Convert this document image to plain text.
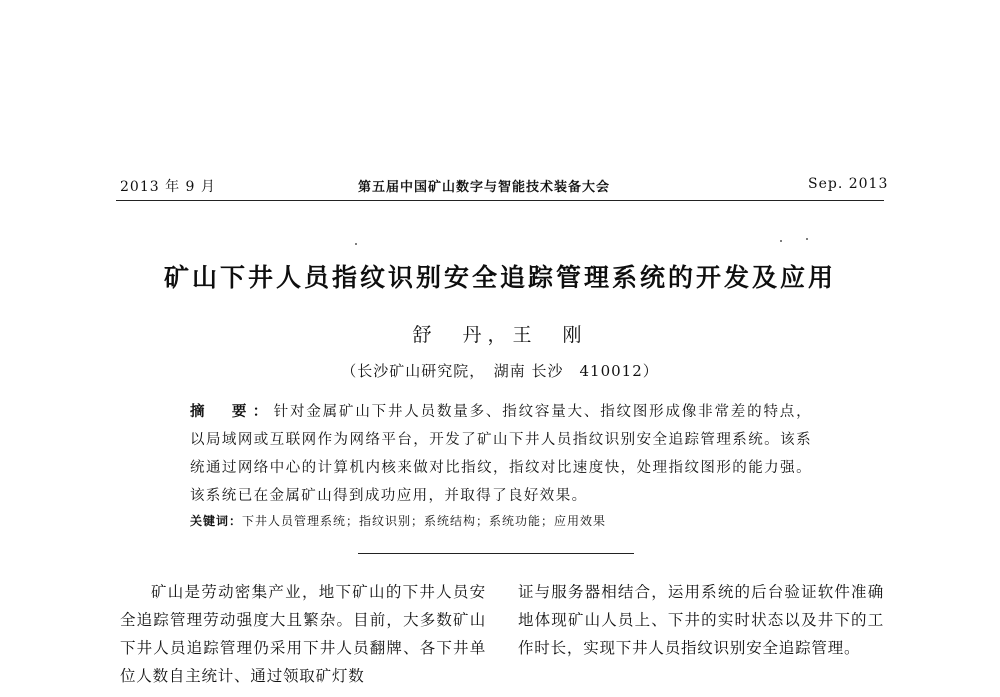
2013 年 9 月	第五届中国矿山数字与智能技术装备大会	Sep. 2013
矿山下井人员指纹识别安全追踪管理系统的开发及应用
舒　丹，王　刚
（长沙矿山研究院，　湖南 长沙　410012）

摘　要：针对金属矿山下井人员数量多、指纹容量大、指纹图形成像非常差的特点，以局域网或互联网作为网络平台，开发了矿山下井人员指纹识别安全追踪管理系统。该系统通过网络中心的计算机内核来做对比指纹，指纹对比速度快，处理指纹图形的能力强。该系统已在金属矿山得到成功应用，并取得了良好效果。

关键词：下井人员管理系统；指纹识别；系统结构；系统功能；应用效果

矿山是劳动密集产业，地下矿山的下井人员安全追踪管理劳动强度大且繁杂。目前，大多数矿山下井人员追踪管理仍采用下井人员翻牌、各下井单位人数自主统计、通过领取矿灯数

证与服务器相结合，运用系统的后台验证软件准确地体现矿山人员上、下井的实时状态以及井下的工作时长，实现下井人员指纹识别安全追踪管理。
